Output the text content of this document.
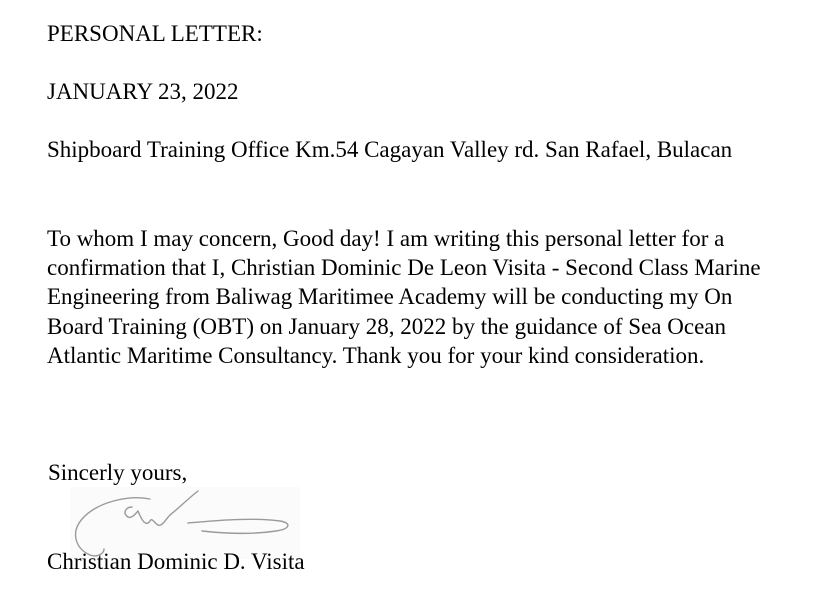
PERSONAL LETTER:

JANUARY 23, 2022

Shipboard Training Office Km.54 Cagayan Valley rd. San Rafael, Bulacan

To whom I may concern, Good day! I am writing this personal letter for a confirmation that I, Christian Dominic De Leon Visita - Second Class Marine Engineering from Baliwag Maritimee Academy will be conducting my On Board Training (OBT) on January 28, 2022 by the guidance of Sea Ocean Atlantic Maritime Consultancy. Thank you for your kind consideration.

Sincerly yours,

Christian Dominic D. Visita
